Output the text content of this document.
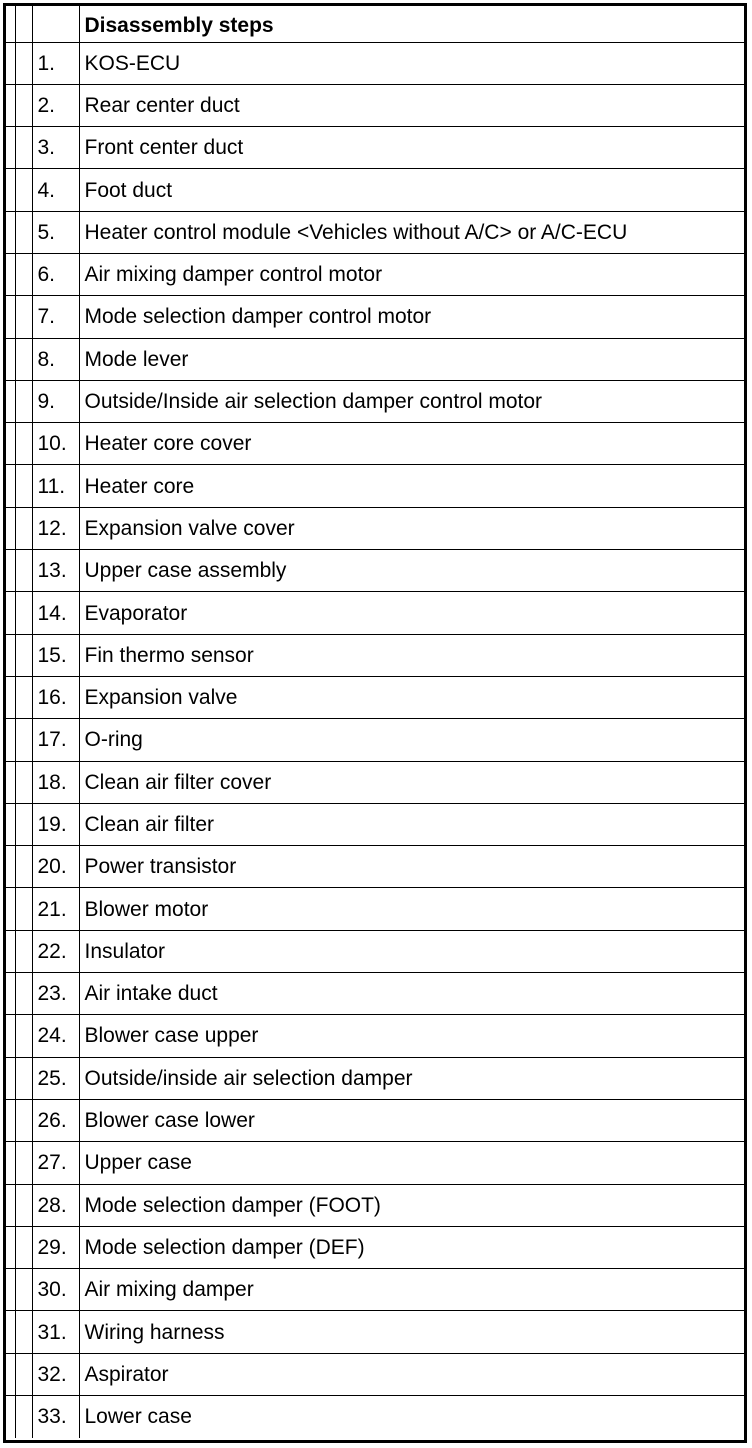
			Disassembly steps
		1.	KOS-ECU
		2.	Rear center duct
		3.	Front center duct
		4.	Foot duct
		5.	Heater control module <Vehicles without A/C> or A/C-ECU
		6.	Air mixing damper control motor
		7.	Mode selection damper control motor
		8.	Mode lever
		9.	Outside/Inside air selection damper control motor
		10.	Heater core cover
		11.	Heater core
		12.	Expansion valve cover
		13.	Upper case assembly
		14.	Evaporator
		15.	Fin thermo sensor
		16.	Expansion valve
		17.	O-ring
		18.	Clean air filter cover
		19.	Clean air filter
		20.	Power transistor
		21.	Blower motor
		22.	Insulator
		23.	Air intake duct
		24.	Blower case upper
		25.	Outside/inside air selection damper
		26.	Blower case lower
		27.	Upper case
		28.	Mode selection damper (FOOT)
		29.	Mode selection damper (DEF)
		30.	Air mixing damper
		31.	Wiring harness
		32.	Aspirator
		33.	Lower case
